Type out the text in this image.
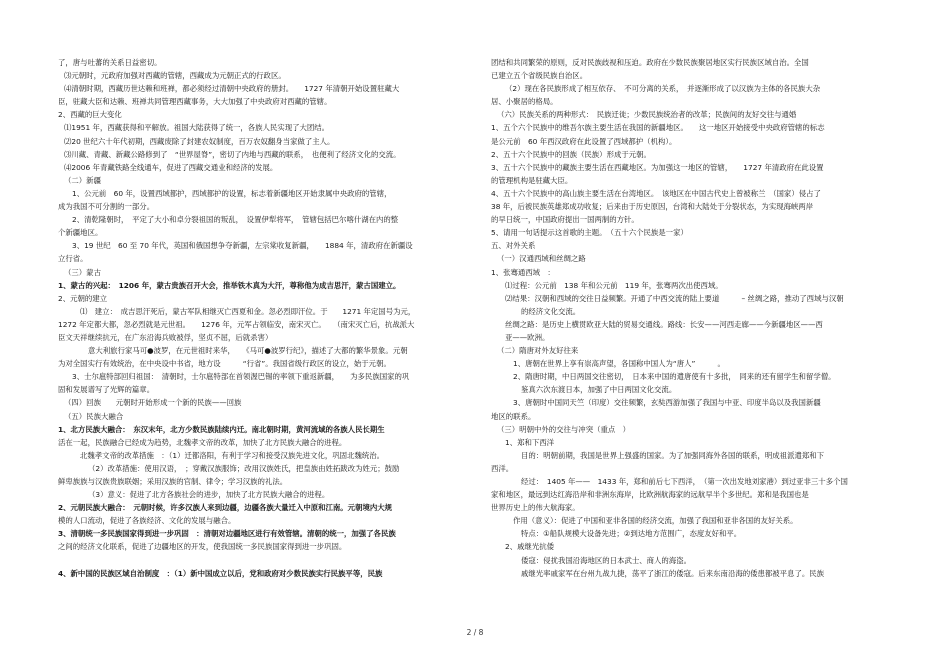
了，唐与吐蕃的关系日益密切。
⑶元朝时，元政府加强对西藏的管辖，西藏成为元朝正式的行政区。
⑷清朝时期，西藏历世达赖和班禅，都必须经过清朝中央政府的册封。　　1727 年清朝开始设置驻藏大
臣，驻藏大臣和达赖、班禅共同管理西藏事务，大大加强了中央政府对西藏的管辖。
2、西藏的巨大变化
⑴1951 年，西藏获得和平解放。祖国大陆获得了统一，各族人民实现了大团结。
⑵20 世纪六十年代初期，西藏废除了封建农奴制度，百万农奴翻身当家做了主人。
⑶川藏、青藏、新藏公路修到了　“世界屋脊”，密切了内地与西藏的联系，　也便利了经济文化的交流。
⑷2006 年青藏铁路全线通车，促进了西藏交通业和经济的发展。
（二）新疆
1、公元前　60 年，设置西域都护，西域都护的设置，标志着新疆地区开始隶属中央政府的管辖，
成为我国不可分割的一部分。
2、清乾隆朝时，　平定了大小和卓分裂祖国的叛乱，　设置伊犁将军，　管辖包括巴尔喀什湖在内的整
个新疆地区。
3、19 世纪　60 至 70 年代，英国和俄国想争夺新疆，左宗棠收复新疆，　　1884 年，清政府在新疆设
立行省。
（三）蒙古
1、蒙古的兴起：　1206 年，蒙古贵族召开大会，推举铁木真为大汗，尊称他为成吉思汗，蒙古国建立。
2、元朝的建立
⑴　建立：　成吉思汗死后，蒙古军队相继灭亡西夏和金。忽必烈即汗位。于　　1271 年定国号为元，
1272 年定都大都，忽必烈就是元世祖。　　1276 年，元军占领临安，南宋灭亡。　　（南宋灭亡后，抗战派大
臣文天祥继续抗元，在广东沿海兵败被俘，坚贞不屈，后就杀害）
意大利旅行家马可●波罗，在元世祖时来华，　　《马可●波罗行纪》，描述了大都的繁华景象。元朝
为对全国实行有效统治，在中央设中书省，地方设　　　“行省”。我国省级行政区的设立，始于元朝。
3、士尔扈特部回归祖国：　清朝时，士尔扈特部在首领渥巴锡的率领下重返新疆，　　为多民族国家的巩
固和发展谱写了光辉的篇章。
（四）回族　　元朝时开始形成一个新的民族——回族
（五）民族大融合
1、北方民族大融合：　东汉末年，北方少数民族陆续内迁。南北朝时期，黄河流域的各族人民长期生
活在一起，民族融合已经成为趋势，北魏孝文帝的改革，加快了北方民族大融合的进程。
北魏孝文帝的改革措施　：（1）迁都洛阳，有利于学习和接受汉族先进文化，巩固北魏统治。
（2）改革措施：使用汉语，　；穿戴汉族服饰；改用汉族姓氏，把皇族由姓拓跋改为姓元；鼓励
鲜卑族族与汉族贵族联姻；采用汉族的官制、律令；学习汉族的礼法。
（3）意义：促进了北方各族社会的进步，加快了北方民族大融合的进程。
2、元朝民族大融合：　元朝时候，许多汉族人来到边疆，边疆各族大量迁入中原和江南。元朝境内大规
模的人口流动，促进了各族经济、文化的发展与融合。
3、清朝统一多民族国家得到进一步巩固　：清朝对边疆地区进行有效管辖。清朝的统一，加强了各民族
之间的经济文化联系，促进了边疆地区的开发，使我国统一多民族国家得到进一步巩固。
4、新中国的民族区域自治制度　：（1）新中国成立以后，党和政府对少数民族实行民族平等，民族
团结和共同繁荣的原则，反对民族歧视和压迫。政府在少数民族聚居地区实行民族区域自治。全国
已建立五个省级民族自治区。
（2）现在各民族形成了相互依存、　不可分离的关系，　并逐渐形成了以汉族为主体的各民族大杂
居、小聚居的格局。
（六）民族关系的两种形式：　民族迁徙；少数民族统治者的改革；民族间的友好交往与通婚
1、五个六个民族中的维吾尔族主要生活在我国的新疆地区。　　这一地区开始接受中央政府管辖的标志
是公元前　60 年西汉政府在此设置了西域都护（机构）。
2、五十六个民族中的回族（民族）形成于元朝。
3、五十六个民族中的藏族主要生活在西藏地区。为加强这一地区的管辖，　　1727 年清政府在此设置
的管理机构是驻藏大臣。
4、五十六个民族中的高山族主要生活在台湾地区。　该地区在中国古代史上曾被称兰　（国家）侵占了
38 年，后被民族英雄郑成功收复；后来由于历史原因，台湾和大陆处于分裂状态，为实现海峡两岸
的早日统一，中国政府提出一国两制的方针。
5、请用一句话提示这首歌的主题。　（五十六个民族是一家）
五、对外关系
（一）汉通西域和丝绸之路
1、张骞通西域　：
⑴过程：公元前　138 年和公元前　119 年，张骞两次出使西域。
⑵结果：汉朝和西域的交往日益频繁。开通了中西交流的陆上要道　　　– 丝绸之路，推动了西域与汉朝
的经济文化交流。
丝绸之路：是历史上横贯欧亚大陆的贸易交通线。路线：长安——河西走廊——今新疆地区——西
亚——欧洲。
（二）隋唐对外友好往来
1、唐朝在世界上享有崇高声望，各国称中国人为“唐人”　　　。
2、隋唐时期，中日两国交往密切，　日本来中国的遣唐使有十多批，　同来的还有留学生和留学僧。
鉴真六次东渡日本，加强了中日两国文化交流。
3、唐朝时中国同天竺（印度）交往频繁，玄奘西游加强了我国与中亚、印度半岛以及我国新疆
地区的联系。
（三）明朝中外的交往与冲突（重点　）
1、郑和下西洋
目的：明朝前期，我国是世界上强盛的国家。为了加强同海外各国的联系，明成祖派遣郑和下
西洋。
经过：　1405 年——　1433 年，郑和前后七下西洋，　（第一次出发地刘家港）到过亚非三十多个国
家和地区，最远到达红海沿岸和非洲东海岸，比欧洲航海家的远航早半个多世纪。郑和是我国也是
世界历史上的伟大航海家。
作用（意义）：促进了中国和亚非各国的经济交流，加强了我国和亚非各国的友好关系。
特点：①船队规模大设备先进；②到达地方范围广，态度友好和平。
2、戚继光抗倭
倭寇：侵扰我国沿海地区的日本武士、商人的海盗。
戚继光率戚家军在台州九战九捷，荡平了浙江的倭寇。后来东南沿海的倭患都被平息了。民族
2 / 8
